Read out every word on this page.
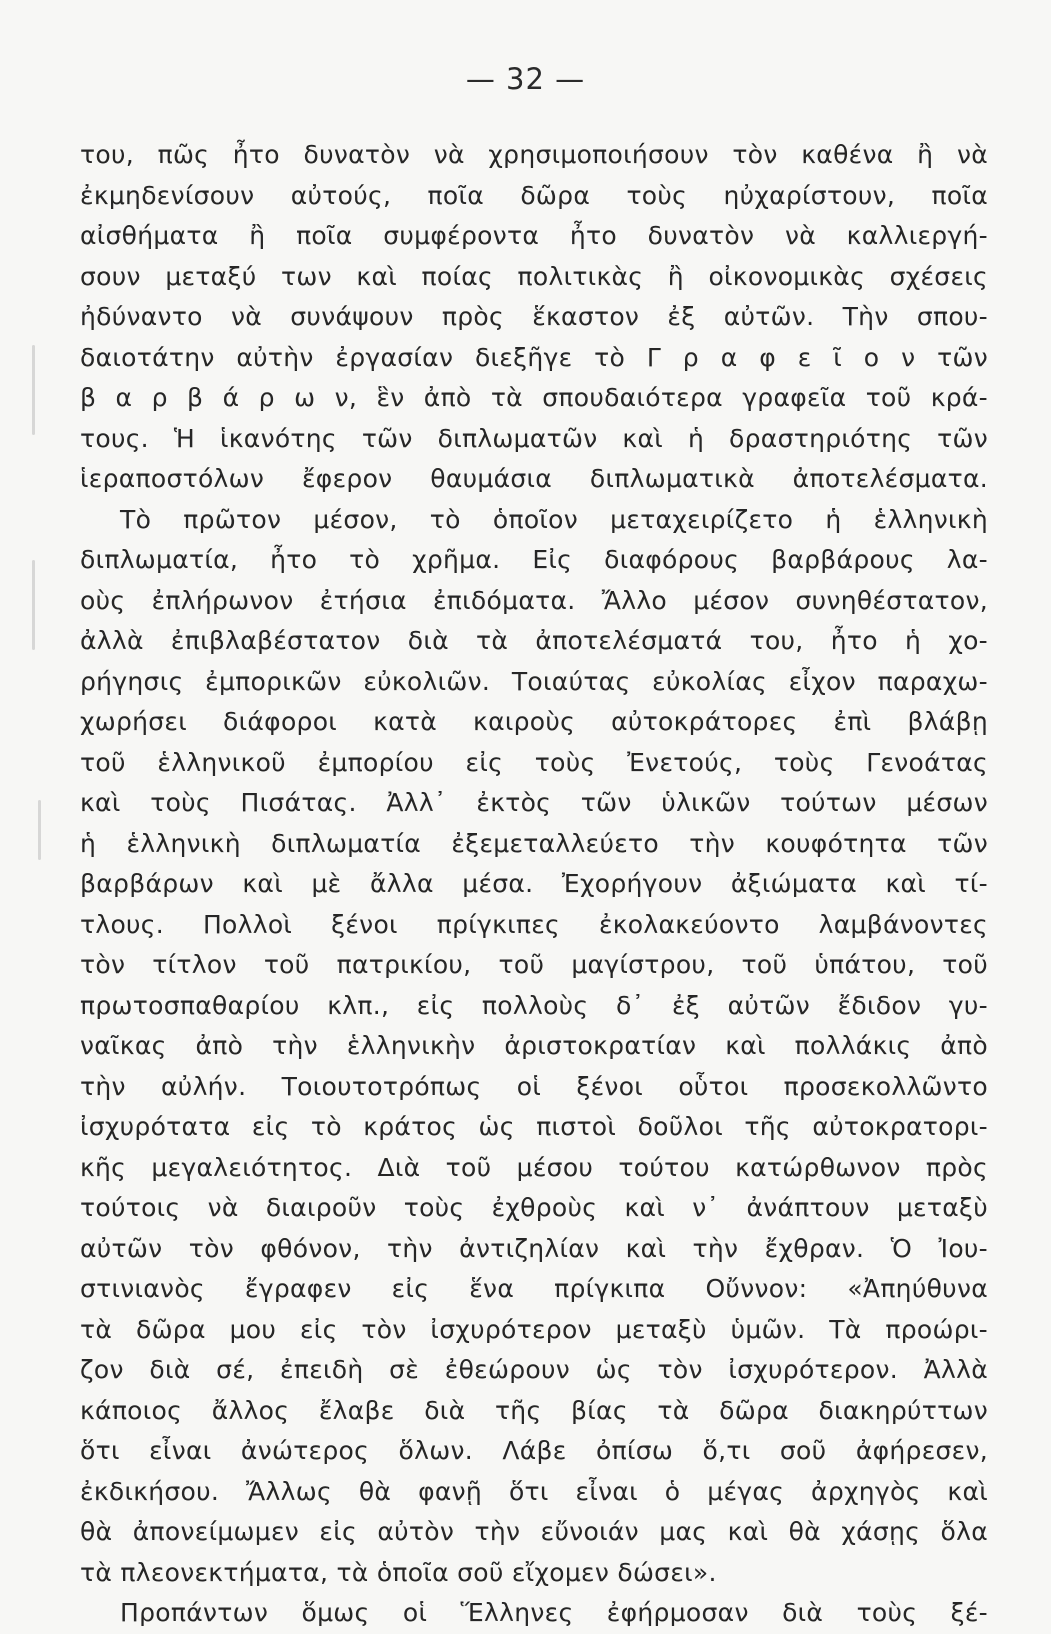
— 32 —
του, πῶς ἦτο δυνατὸν νὰ χρησιμοποιήσουν τὸν καθένα ἢ νὰ
ἐκμηδενίσουν αὐτούς, ποῖα δῶρα τοὺς ηὐχαρίστουν, ποῖα
αἰσθήματα ἢ ποῖα συμφέροντα ἦτο δυνατὸν νὰ καλλιεργή-
σουν μεταξύ των καὶ ποίας πολιτικὰς ἢ οἰκονομικὰς σχέσεις
ἠδύναντο νὰ συνάψουν πρὸς ἕκαστον ἐξ αὐτῶν. Τὴν σπου-
δαιοτάτην αὐτὴν ἐργασίαν διεξῆγε τὸ Γ ρ α φ ε ῖ ο ν τῶν
β α ρ β ά ρ ω ν, ἓν ἀπὸ τὰ σπουδαιότερα γραφεῖα τοῦ κρά-
τους. Ἡ ἱκανότης τῶν διπλωματῶν καὶ ἡ δραστηριότης τῶν
ἱεραποστόλων ἔφερον θαυμάσια διπλωματικὰ ἀποτελέσματα.
Τὸ πρῶτον μέσον, τὸ ὁποῖον μεταχειρίζετο ἡ ἑλληνικὴ
διπλωματία, ἦτο τὸ χρῆμα. Εἰς διαφόρους βαρβάρους λα-
οὺς ἐπλήρωνον ἐτήσια ἐπιδόματα. Ἄλλο μέσον συνηθέστατον,
ἀλλὰ ἐπιβλαβέστατον διὰ τὰ ἀποτελέσματά του, ἦτο ἡ χο-
ρήγησις ἐμπορικῶν εὐκολιῶν. Τοιαύτας εὐκολίας εἶχον παραχω-
χωρήσει διάφοροι κατὰ καιροὺς αὐτοκράτορες ἐπὶ βλάβῃ
τοῦ ἑλληνικοῦ ἐμπορίου εἰς τοὺς Ἐνετούς, τοὺς Γενοάτας
καὶ τοὺς Πισάτας. Ἀλλ᾽ ἐκτὸς τῶν ὑλικῶν τούτων μέσων
ἡ ἑλληνικὴ διπλωματία ἐξεμεταλλεύετο τὴν κουφότητα τῶν
βαρβάρων καὶ μὲ ἄλλα μέσα. Ἐχορήγουν ἀξιώματα καὶ τί-
τλους. Πολλοὶ ξένοι πρίγκιπες ἐκολακεύοντο λαμβάνοντες
τὸν τίτλον τοῦ πατρικίου, τοῦ μαγίστρου, τοῦ ὑπάτου, τοῦ
πρωτοσπαθαρίου κλπ., εἰς πολλοὺς δ᾽ ἐξ αὐτῶν ἔδιδον γυ-
ναῖκας ἀπὸ τὴν ἑλληνικὴν ἀριστοκρατίαν καὶ πολλάκις ἀπὸ
τὴν αὐλήν. Τοιουτοτρόπως οἱ ξένοι οὗτοι προσεκολλῶντο
ἰσχυρότατα εἰς τὸ κράτος ὡς πιστοὶ δοῦλοι τῆς αὐτοκρατορι-
κῆς μεγαλειότητος. Διὰ τοῦ μέσου τούτου κατώρθωνον πρὸς
τούτοις νὰ διαιροῦν τοὺς ἐχθροὺς καὶ ν᾽ ἀνάπτουν μεταξὺ
αὐτῶν τὸν φθόνον, τὴν ἀντιζηλίαν καὶ τὴν ἔχθραν. Ὁ Ἰου-
στινιανὸς ἔγραφεν εἰς ἕνα πρίγκιπα Οὔννον: «Ἀπηύθυνα
τὰ δῶρα μου εἰς τὸν ἰσχυρότερον μεταξὺ ὑμῶν. Τὰ προώρι-
ζον διὰ σέ, ἐπειδὴ σὲ ἐθεώρουν ὡς τὸν ἰσχυρότερον. Ἀλλὰ
κάποιος ἄλλος ἔλαβε διὰ τῆς βίας τὰ δῶρα διακηρύττων
ὅτι εἶναι ἀνώτερος ὅλων. Λάβε ὀπίσω ὅ,τι σοῦ ἀφήρεσεν,
ἐκδικήσου. Ἄλλως θὰ φανῇ ὅτι εἶναι ὁ μέγας ἀρχηγὸς καὶ
θὰ ἀπονείμωμεν εἰς αὐτὸν τὴν εὔνοιάν μας καὶ θὰ χάσῃς ὅλα
τὰ πλεονεκτήματα, τὰ ὁποῖα σοῦ εἴχομεν δώσει».
Προπάντων ὅμως οἱ Ἕλληνες ἐφήρμοσαν διὰ τοὺς ξέ-
